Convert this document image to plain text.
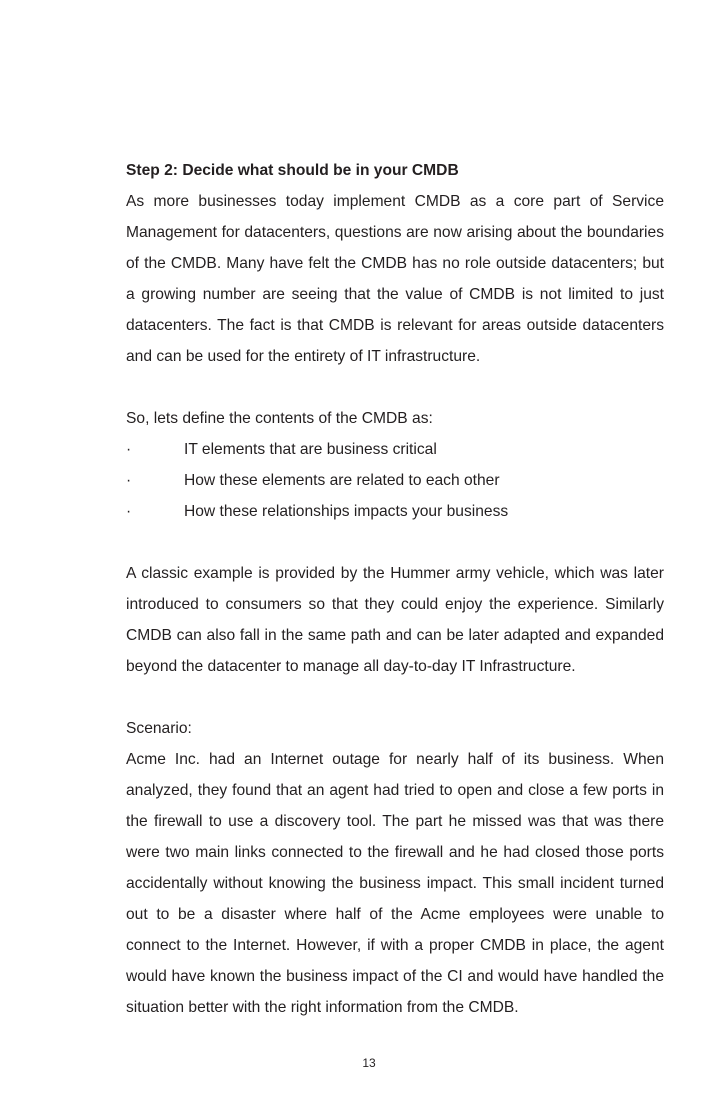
Step 2: Decide what should be in your CMDB

As more businesses today implement CMDB as a core part of Service Management for datacenters, questions are now arising about the boundaries of the CMDB. Many have felt the CMDB has no role outside datacenters; but a growing number are seeing that the value of CMDB is not limited to just datacenters. The fact is that CMDB is relevant for areas outside datacenters and can be used for the entirety of IT infrastructure.

So, lets define the contents of the CMDB as:

·	IT elements that are business critical
·	How these elements are related to each other
·	How these relationships impacts your business

A classic example is provided by the Hummer army vehicle, which was later introduced to consumers so that they could enjoy the experience. Similarly CMDB can also fall in the same path and can be later adapted and expanded beyond the datacenter to manage all day-to-day IT Infrastructure.

Scenario:

Acme Inc. had an Internet outage for nearly half of its business. When analyzed, they found that an agent had tried to open and close a few ports in the firewall to use a discovery tool. The part he missed was that was there were two main links connected to the firewall and he had closed those ports accidentally without knowing the business impact. This small incident turned out to be a disaster where half of the Acme employees were unable to connect to the Internet. However, if with a proper CMDB in place, the agent would have known the business impact of the CI and would have handled the situation better with the right information from the CMDB.

13
